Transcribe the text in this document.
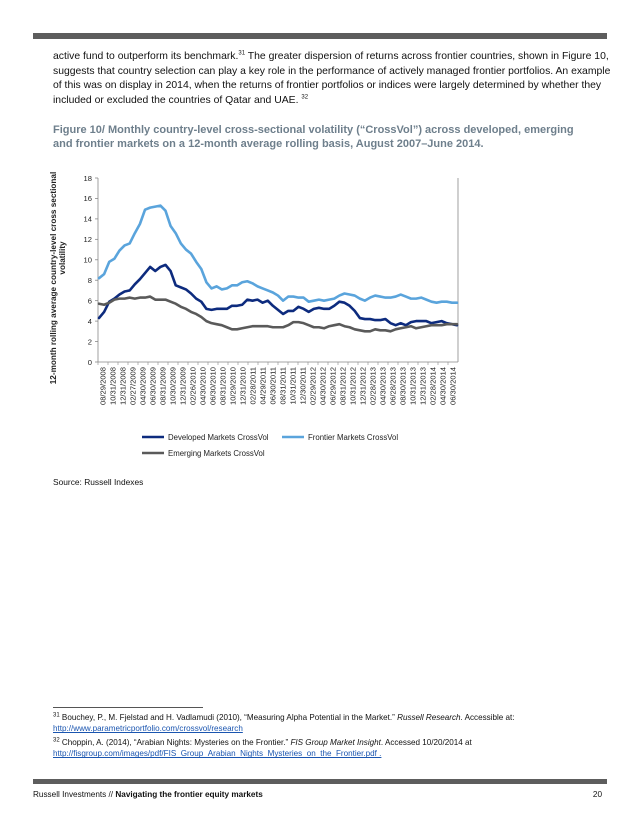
active fund to outperform its benchmark.$^{31}$ The greater dispersion of returns across frontier countries, shown in Figure 10, suggests that country selection can play a key role in the performance of actively managed frontier portfolios. An example of this was on display in 2014, when the returns of frontier portfolios or indices were largely determined by whether they included or excluded the countries of Qatar and UAE. $^{32}$

Figure 10/ Monthly country-level cross-sectional volatility (“CrossVol”) across developed, emerging and frontier markets on a 12-month average rolling basis, August 2007–June 2014.
12-month rolling average country-level cross sectionalvolatility
0
2
4
6
8
10
12
14
16
18
08/29/2008 10/31/2008 12/31/2008 02/27/2009 04/30/2009 06/30/2009 08/31/2009 10/30/2009 12/31/2009 02/26/2010 04/30/2010 06/30/2010 08/31/2010 10/29/2010 12/31/2010 02/28/2011 04/29/2011 06/30/2011 08/31/2011 10/31/2011 12/30/2011 02/29/2012 04/30/2012 06/29/2012 08/31/2012 10/31/2012 12/31/2012 02/28/2013 04/30/2013 06/28/2013 08/30/2013 10/31/2013 12/31/2013 02/28/2014 04/30/2014 06/30/2014
Developed Markets CrossVol	Frontier Markets CrossVol
Emerging Markets CrossVol
Source: Russell Indexes
$^{31}$ Bouchey, P., M. Fjelstad and H. Vadlamudi (2010), “Measuring Alpha Potential in the Market.” Russell Research. Accessible at:
http://www.parametricportfolio.com/crossvol/research
$^{32}$ Choppin, A. (2014), “Arabian Nights: Mysteries on the Frontier.” FIS Group Market Insight. Accessed 10/20/2014 at
http://fisgroup.com/images/pdf/FIS_Group_Arabian_Nights_Mysteries_on_the_Frontier.pdf .
Russell Investments // Navigating the frontier equity markets	20
